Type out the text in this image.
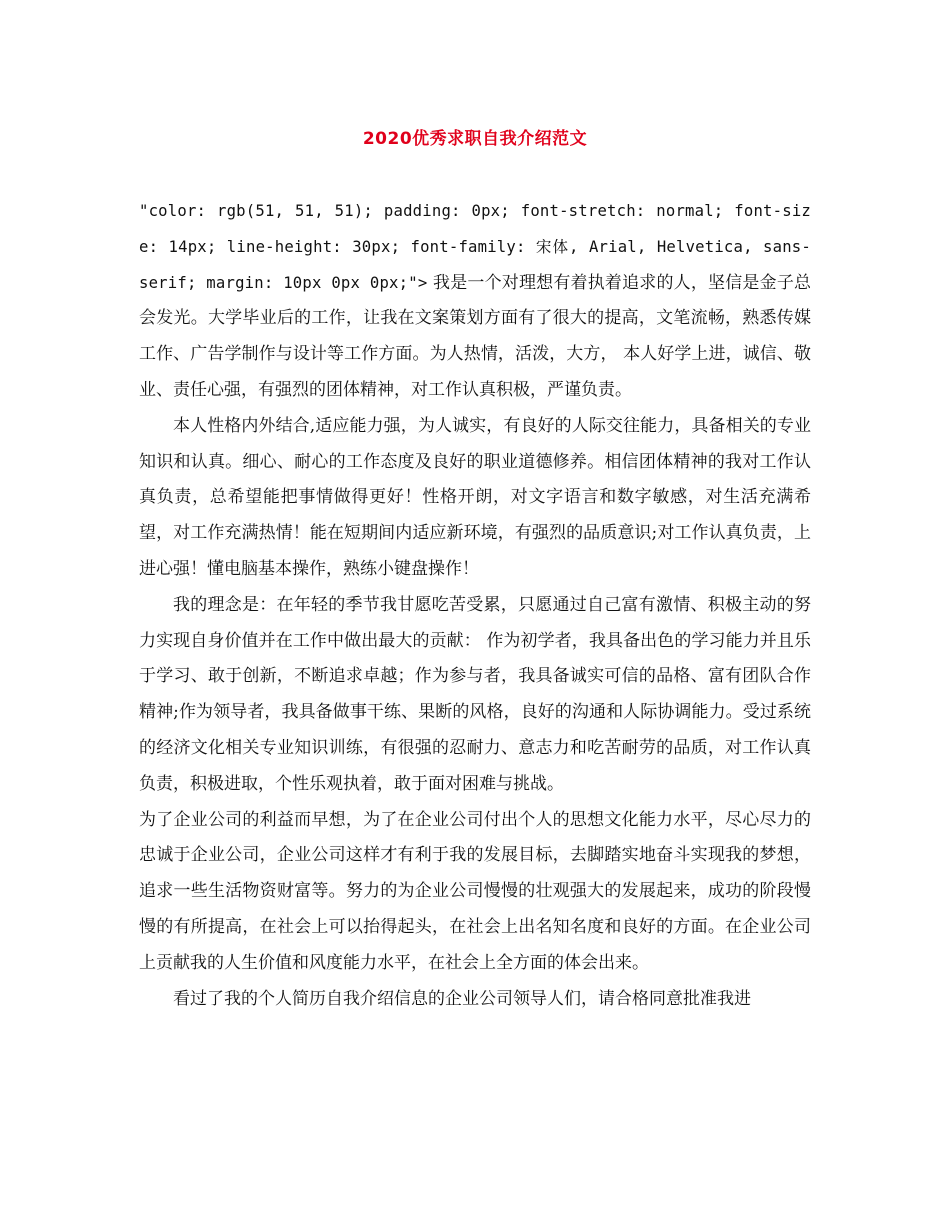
2020优秀求职自我介绍范文

"color: rgb(51, 51, 51); padding: 0px; font-stretch: normal; font-size: 14px; line-height: 30px; font-family: 宋体, Arial, Helvetica, sans-serif; margin: 10px 0px 0px;"> 我是一个对理想有着执着追求的人，坚信是金子总会发光。大学毕业后的工作，让我在文案策划方面有了很大的提高，文笔流畅，熟悉传媒工作、广告学制作与设计等工作方面。为人热情，活泼，大方， 本人好学上进，诚信、敬业、责任心强，有强烈的团体精神，对工作认真积极，严谨负责。

本人性格内外结合,适应能力强，为人诚实，有良好的人际交往能力，具备相关的专业知识和认真。细心、耐心的工作态度及良好的职业道德修养。相信团体精神的我对工作认真负责，总希望能把事情做得更好！性格开朗，对文字语言和数字敏感，对生活充满希望，对工作充满热情！能在短期间内适应新环境，有强烈的品质意识;对工作认真负责，上进心强！懂电脑基本操作，熟练小键盘操作！

我的理念是：在年轻的季节我甘愿吃苦受累，只愿通过自己富有激情、积极主动的努力实现自身价值并在工作中做出最大的贡献： 作为初学者，我具备出色的学习能力并且乐于学习、敢于创新，不断追求卓越；作为参与者，我具备诚实可信的品格、富有团队合作精神;作为领导者，我具备做事干练、果断的风格，良好的沟通和人际协调能力。受过系统的经济文化相关专业知识训练，有很强的忍耐力、意志力和吃苦耐劳的品质，对工作认真负责，积极进取，个性乐观执着，敢于面对困难与挑战。

为了企业公司的利益而早想，为了在企业公司付出个人的思想文化能力水平，尽心尽力的忠诚于企业公司，企业公司这样才有利于我的发展目标，去脚踏实地奋斗实现我的梦想，追求一些生活物资财富等。努力的为企业公司慢慢的壮观强大的发展起来，成功的阶段慢慢的有所提高，在社会上可以抬得起头，在社会上出名知名度和良好的方面。在企业公司上贡献我的人生价值和风度能力水平，在社会上全方面的体会出来。

看过了我的个人简历自我介绍信息的企业公司领导人们，请合格同意批准我进
